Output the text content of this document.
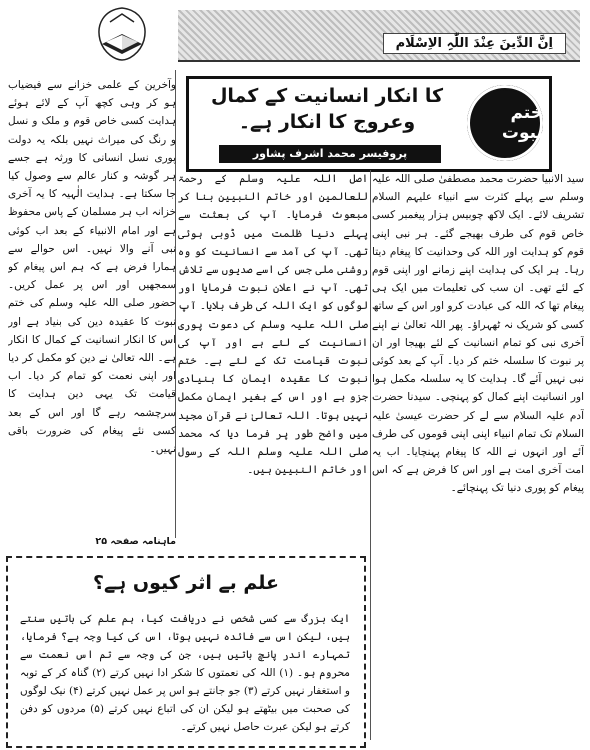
اِنَّ الدِّینَ عِنْدَ اللّٰہِ الاِسْلَام
ختم نبوت
کا انکار انسانیت کے کمال وعروج کا انکار ہے۔
پروفیسر محمد اشرف پشاور

سید الانبیا حضرت محمد مصطفیٰ صلی اللہ علیہ وسلم سے پہلے کثرت سے انبیاء علیہم السلام تشریف لائے۔ ایک لاکھ چوبیس ہزار پیغمبر کسی خاص قوم کی طرف بھیجے گئے۔ ہر نبی اپنی قوم کو ہدایت اور اللہ کی وحدانیت کا پیغام دیتا رہا۔ ہر ایک کی ہدایت اپنے زمانے اور اپنی قوم کے لئے تھی۔ ان سب کی تعلیمات میں ایک ہی پیغام تھا کہ اللہ کی عبادت کرو اور اس کے ساتھ کسی کو شریک نہ ٹھہراؤ۔ پھر اللہ تعالیٰ نے اپنے آخری نبی کو تمام انسانیت کے لئے بھیجا اور ان پر نبوت کا سلسلہ ختم کر دیا۔ آپ کے بعد کوئی نبی نہیں آئے گا۔ ہدایت کا یہ سلسلہ مکمل ہوا اور انسانیت اپنے کمال کو پہنچی۔ سیدنا حضرت آدم علیہ السلام سے لے کر حضرت عیسیٰ علیہ السلام تک تمام انبیاء اپنی اپنی قوموں کی طرف آئے اور انہوں نے اللہ کا پیغام پہنچایا۔ اب یہ امت آخری امت ہے اور اس کا فرض ہے کہ اس پیغام کو پوری دنیا تک پہنچائے۔

اصل اللہ علیہ وسلم کے رحمۃ للعالمین اور خاتم النبیین بنا کر مبعوث فرمایا۔ آپ کی بعثت سے پہلے دنیا ظلمت میں ڈوبی ہوئی تھی۔ آپ کی آمد سے انسانیت کو وہ روشنی ملی جس کی اسے صدیوں سے تلاش تھی۔ آپ نے اعلان نبوت فرمایا اور لوگوں کو ایک اللہ کی طرف بلایا۔ آپ صلی اللہ علیہ وسلم کی دعوت پوری انسانیت کے لئے ہے اور آپ کی نبوت قیامت تک کے لئے ہے۔ ختم نبوت کا عقیدہ ایمان کا بنیادی جزو ہے اور اس کے بغیر ایمان مکمل نہیں ہوتا۔ اللہ تعالیٰ نے قرآن مجید میں واضح طور پر فرما دیا کہ محمد صلی اللہ علیہ وسلم اللہ کے رسول اور خاتم النبیین ہیں۔

وآخرین کے علمی خزانے سے فیضیاب ہو کر وہی کچھ آپ کے لائے ہوئے ہدایت کسی خاص قوم و ملک و نسل و رنگ کی میراث نہیں بلکہ یہ دولت پوری نسل انسانی کا ورثہ ہے جسے ہر گوشہ و کنار عالم سے وصول کیا جا سکتا ہے۔ ہدایت الٰہیہ کا یہ آخری خزانہ اب ہر مسلمان کے پاس محفوظ ہے اور امام الانبیاء کے بعد اب کوئی نبی آنے والا نہیں۔ اس حوالے سے ہمارا فرض ہے کہ ہم اس پیغام کو سمجھیں اور اس پر عمل کریں۔ حضور صلی اللہ علیہ وسلم کی ختم نبوت کا عقیدہ دین کی بنیاد ہے اور اس کا انکار انسانیت کے کمال کا انکار ہے۔ اللہ تعالیٰ نے دین کو مکمل کر دیا اور اپنی نعمت کو تمام کر دیا۔ اب قیامت تک یہی دین ہدایت کا سرچشمہ رہے گا اور اس کے بعد کسی نئے پیغام کی ضرورت باقی نہیں۔

ماہنامہ صفحہ ۲۵
علم بے اثر کیوں ہے؟

ایک بزرگ سے کسی شخص نے دریافت کیا، ہم علم کی باتیں سنتے ہیں، لیکن اس سے فائدہ نہیں ہوتا، اس کی کیا وجہ ہے؟ فرمایا، تمہارے اندر پانچ باتیں ہیں، جن کی وجہ سے تم اس نعمت سے محروم ہو۔ (۱) اللہ کی نعمتوں کا شکر ادا نہیں کرتے (۲) گناہ کر کے توبہ و استغفار نہیں کرتے (۳) جو جانتے ہو اس پر عمل نہیں کرتے (۴) نیک لوگوں کی صحبت میں بیٹھتے ہو لیکن ان کی اتباع نہیں کرتے (۵) مردوں کو دفن کرتے ہو لیکن عبرت حاصل نہیں کرتے۔
